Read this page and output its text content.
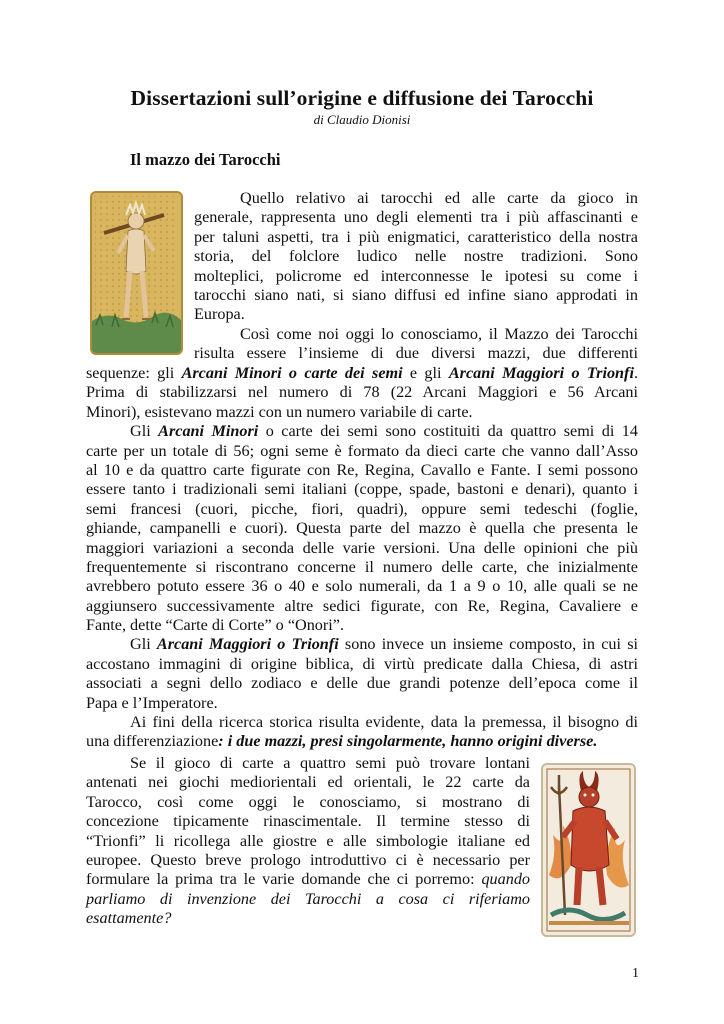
Dissertazioni sull’origine e diffusione dei Tarocchi
di Claudio Dionisi
Il mazzo dei Tarocchi
Quello relativo ai tarocchi ed alle carte da gioco in
generale, rappresenta uno degli elementi tra i più affascinanti e
per taluni aspetti, tra i più enigmatici, caratteristico della nostra
storia, del folclore ludico nelle nostre tradizioni. Sono
molteplici, policrome ed interconnesse le ipotesi su come i
tarocchi siano nati, si siano diffusi ed infine siano approdati in
Europa.
Così come noi oggi lo conosciamo, il Mazzo dei Tarocchi
risulta essere l’insieme di due diversi mazzi, due differenti
sequenze: gli Arcani Minori o carte dei semi e gli Arcani Maggiori o Trionfi.
Prima di stabilizzarsi nel numero di 78 (22 Arcani Maggiori e 56 Arcani
Minori), esistevano mazzi con un numero variabile di carte.
Gli Arcani Minori o carte dei semi sono costituiti da quattro semi di 14
carte per un totale di 56; ogni seme è formato da dieci carte che vanno dall’Asso
al 10 e da quattro carte figurate con Re, Regina, Cavallo e Fante. I semi possono
essere tanto i tradizionali semi italiani (coppe, spade, bastoni e denari), quanto i
semi francesi (cuori, picche, fiori, quadri), oppure semi tedeschi (foglie,
ghiande, campanelli e cuori). Questa parte del mazzo è quella che presenta le
maggiori variazioni a seconda delle varie versioni. Una delle opinioni che più
frequentemente si riscontrano concerne il numero delle carte, che inizialmente
avrebbero potuto essere 36 o 40 e solo numerali, da 1 a 9 o 10, alle quali se ne
aggiunsero successivamente altre sedici figurate, con Re, Regina, Cavaliere e
Fante, dette “Carte di Corte” o “Onori”.
Gli Arcani Maggiori o Trionfi sono invece un insieme composto, in cui si
accostano immagini di origine biblica, di virtù predicate dalla Chiesa, di astri
associati a segni dello zodiaco e delle due grandi potenze dell’epoca come il
Papa e l’Imperatore.
Ai fini della ricerca storica risulta evidente, data la premessa, il bisogno di
una differenziazione: i due mazzi, presi singolarmente, hanno origini diverse.
Se il gioco di carte a quattro semi può trovare lontani
antenati nei giochi mediorientali ed orientali, le 22 carte da
Tarocco, così come oggi le conosciamo, si mostrano di
concezione tipicamente rinascimentale. Il termine stesso di
“Trionfi” li ricollega alle giostre e alle simbologie italiane ed
europee. Questo breve prologo introduttivo ci è necessario per
formulare la prima tra le varie domande che ci porremo: quando
parliamo di invenzione dei Tarocchi a cosa ci riferiamo
esattamente?
1
